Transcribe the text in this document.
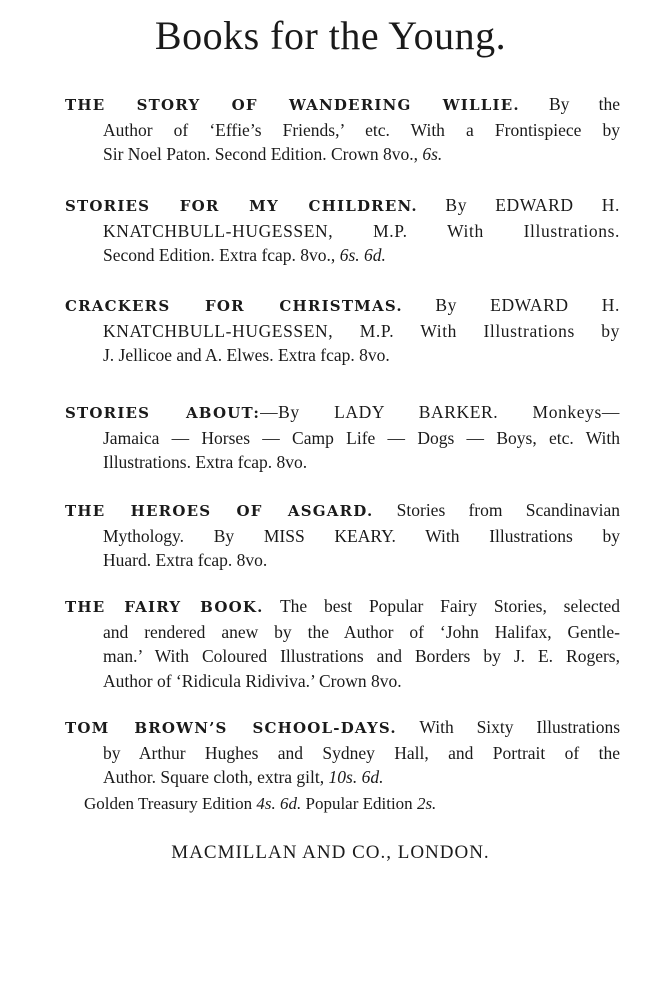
Books for the Young.
THE STORY OF WANDERING WILLIE. By the
Author of ‘Effie’s Friends,’ etc. With a Frontispiece by
Sir Noel Paton. Second Edition. Crown 8vo., 6s.
STORIES FOR MY CHILDREN. By EDWARD H.
KNATCHBULL-HUGESSEN, M.P. With Illustrations.
Second Edition. Extra fcap. 8vo., 6s. 6d.
CRACKERS FOR CHRISTMAS. By EDWARD H.
KNATCHBULL-HUGESSEN, M.P. With Illustrations by
J. Jellicoe and A. Elwes. Extra fcap. 8vo.
STORIES ABOUT:—By LADY BARKER. Monkeys—
Jamaica — Horses — Camp Life — Dogs — Boys, etc. With
Illustrations. Extra fcap. 8vo.
THE HEROES OF ASGARD. Stories from Scandinavian
Mythology. By MISS KEARY. With Illustrations by
Huard. Extra fcap. 8vo.
THE FAIRY BOOK. The best Popular Fairy Stories, selected
and rendered anew by the Author of ‘John Halifax, Gentle-
man.’ With Coloured Illustrations and Borders by J. E. Rogers,
Author of ‘Ridicula Ridiviva.’ Crown 8vo.
TOM BROWN’S SCHOOL-DAYS. With Sixty Illustrations
by Arthur Hughes and Sydney Hall, and Portrait of the
Author. Square cloth, extra gilt, 10s. 6d.
Golden Treasury Edition 4s. 6d. Popular Edition 2s.
MACMILLAN AND CO., LONDON.
